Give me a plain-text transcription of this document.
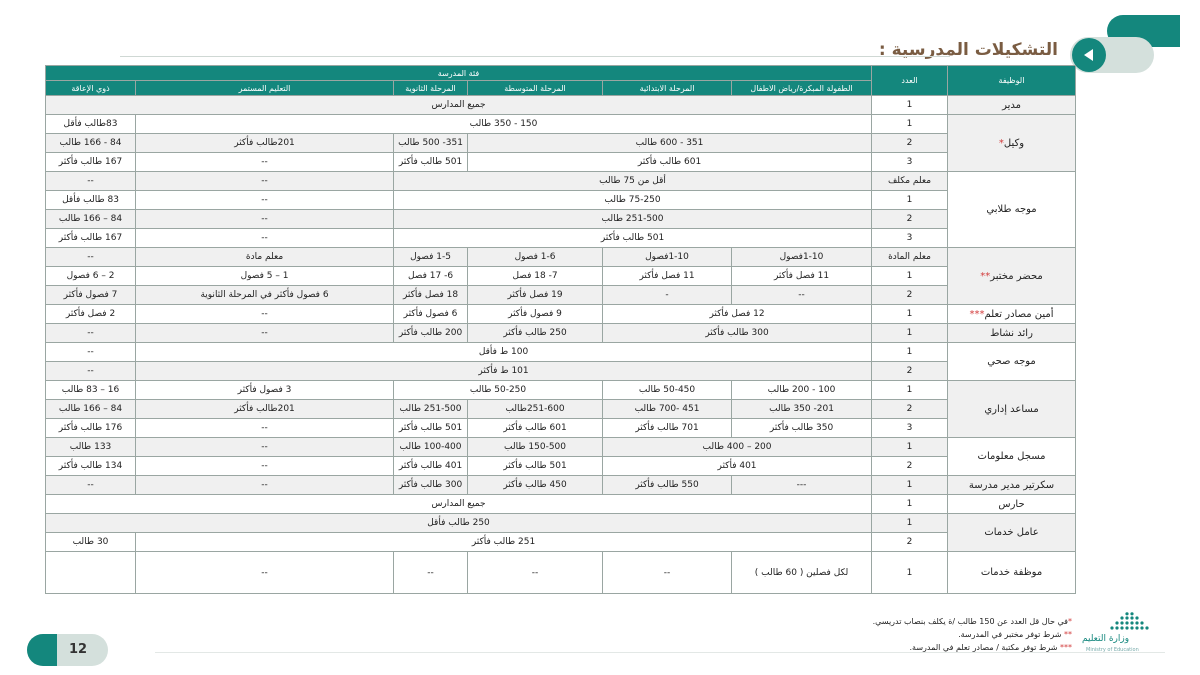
التشكيلات المدرسية :
الوظيفة	العدد	فئة المدرسة					
		الطفولة المبكرة/رياض الاطفال	المرحلة الابتدائية	المرحلة المتوسطة	المرحلة الثانوية	التعليم المستمر	ذوي الإعاقة
مدير	1	جميع المدارس					
وكيل*	1	150 - 350 طالب					83طالب فأقل
	2	351 - 600 طالب			351- 500 طالب	201طالب فأكثر	84 - 166 طالب
	3	601 طالب فأكثر			501 طالب فأكثر	--	167 طالب فأكثر
موجه طلابي	معلم مكلف	أقل من 75 طالب				--	--
	1	75-250 طالب				--	83 طالب فأقل
	2	251-500 طالب				--	84 – 166 طالب
	3	501 طالب فأكثر				--	167 طالب فأكثر
محضر مختبر**	معلم المادة	1-10فصول	1-10فصول	1-6 فصول	1-5 فصول	معلم مادة	--
	1	11 فصل فأكثر	11 فصل فأكثر	7- 18 فصل	6- 17 فصل	1 – 5 فصول	2 – 6 فصول
	2	--	-	19 فصل فأكثر	18 فصل فأكثر	6 فصول فأكثر في المرحلة الثانوية	7 فصول فأكثر
أمين مصادر تعلم***	1	12 فصل فأكثر		9 فصول فأكثر	6 فصول فأكثر	--	2 فصل فأكثر
رائد نشاط	1	300 طالب فأكثر		250 طالب فأكثر	200 طالب فأكثر	--	--
موجه صحي	1	100 ط فأقل					--
	2	101 ط فأكثر					--
مساعد إداري	1	100 - 200 طالب	50-450 طالب	50-250 طالب		3 فصول فأكثر	16 – 83 طالب
	2	201- 350 طالب	451 -700 طالب	251-600طالب	251-500 طالب	201طالب فأكثر	84 – 166 طالب
	3	350 طالب فأكثر	701 طالب فأكثر	601 طالب فأكثر	501 طالب فأكثر	--	176 طالب فأكثر
مسجل معلومات	1	200 – 400 طالب		150-500 طالب	100-400 طالب	--	133 طالب
	2	401 فأكثر		501 طالب فأكثر	401 طالب فأكثر	--	134 طالب فأكثر
سكرتير مدير مدرسة	1	---	550 طالب فأكثر	450 طالب فأكثر	300 طالب فأكثر	--	--
حارس	1	جميع المدارس					
عامل خدمات	1	250 طالب فأقل					
	2	251 طالب فأكثر					30 طالب
موظفة خدمات	1	لكل فصلين ( 60 طالب )	--	--	--	--	
*في حال قل العدد عن 150 طالب /ة يكلف بنصاب تدريسي.
** شرط توفر مختبر في المدرسة.
*** شرط توفر مكتبة / مصادر تعلم في المدرسة.
وزارة التعليم
Ministry of Education
12
